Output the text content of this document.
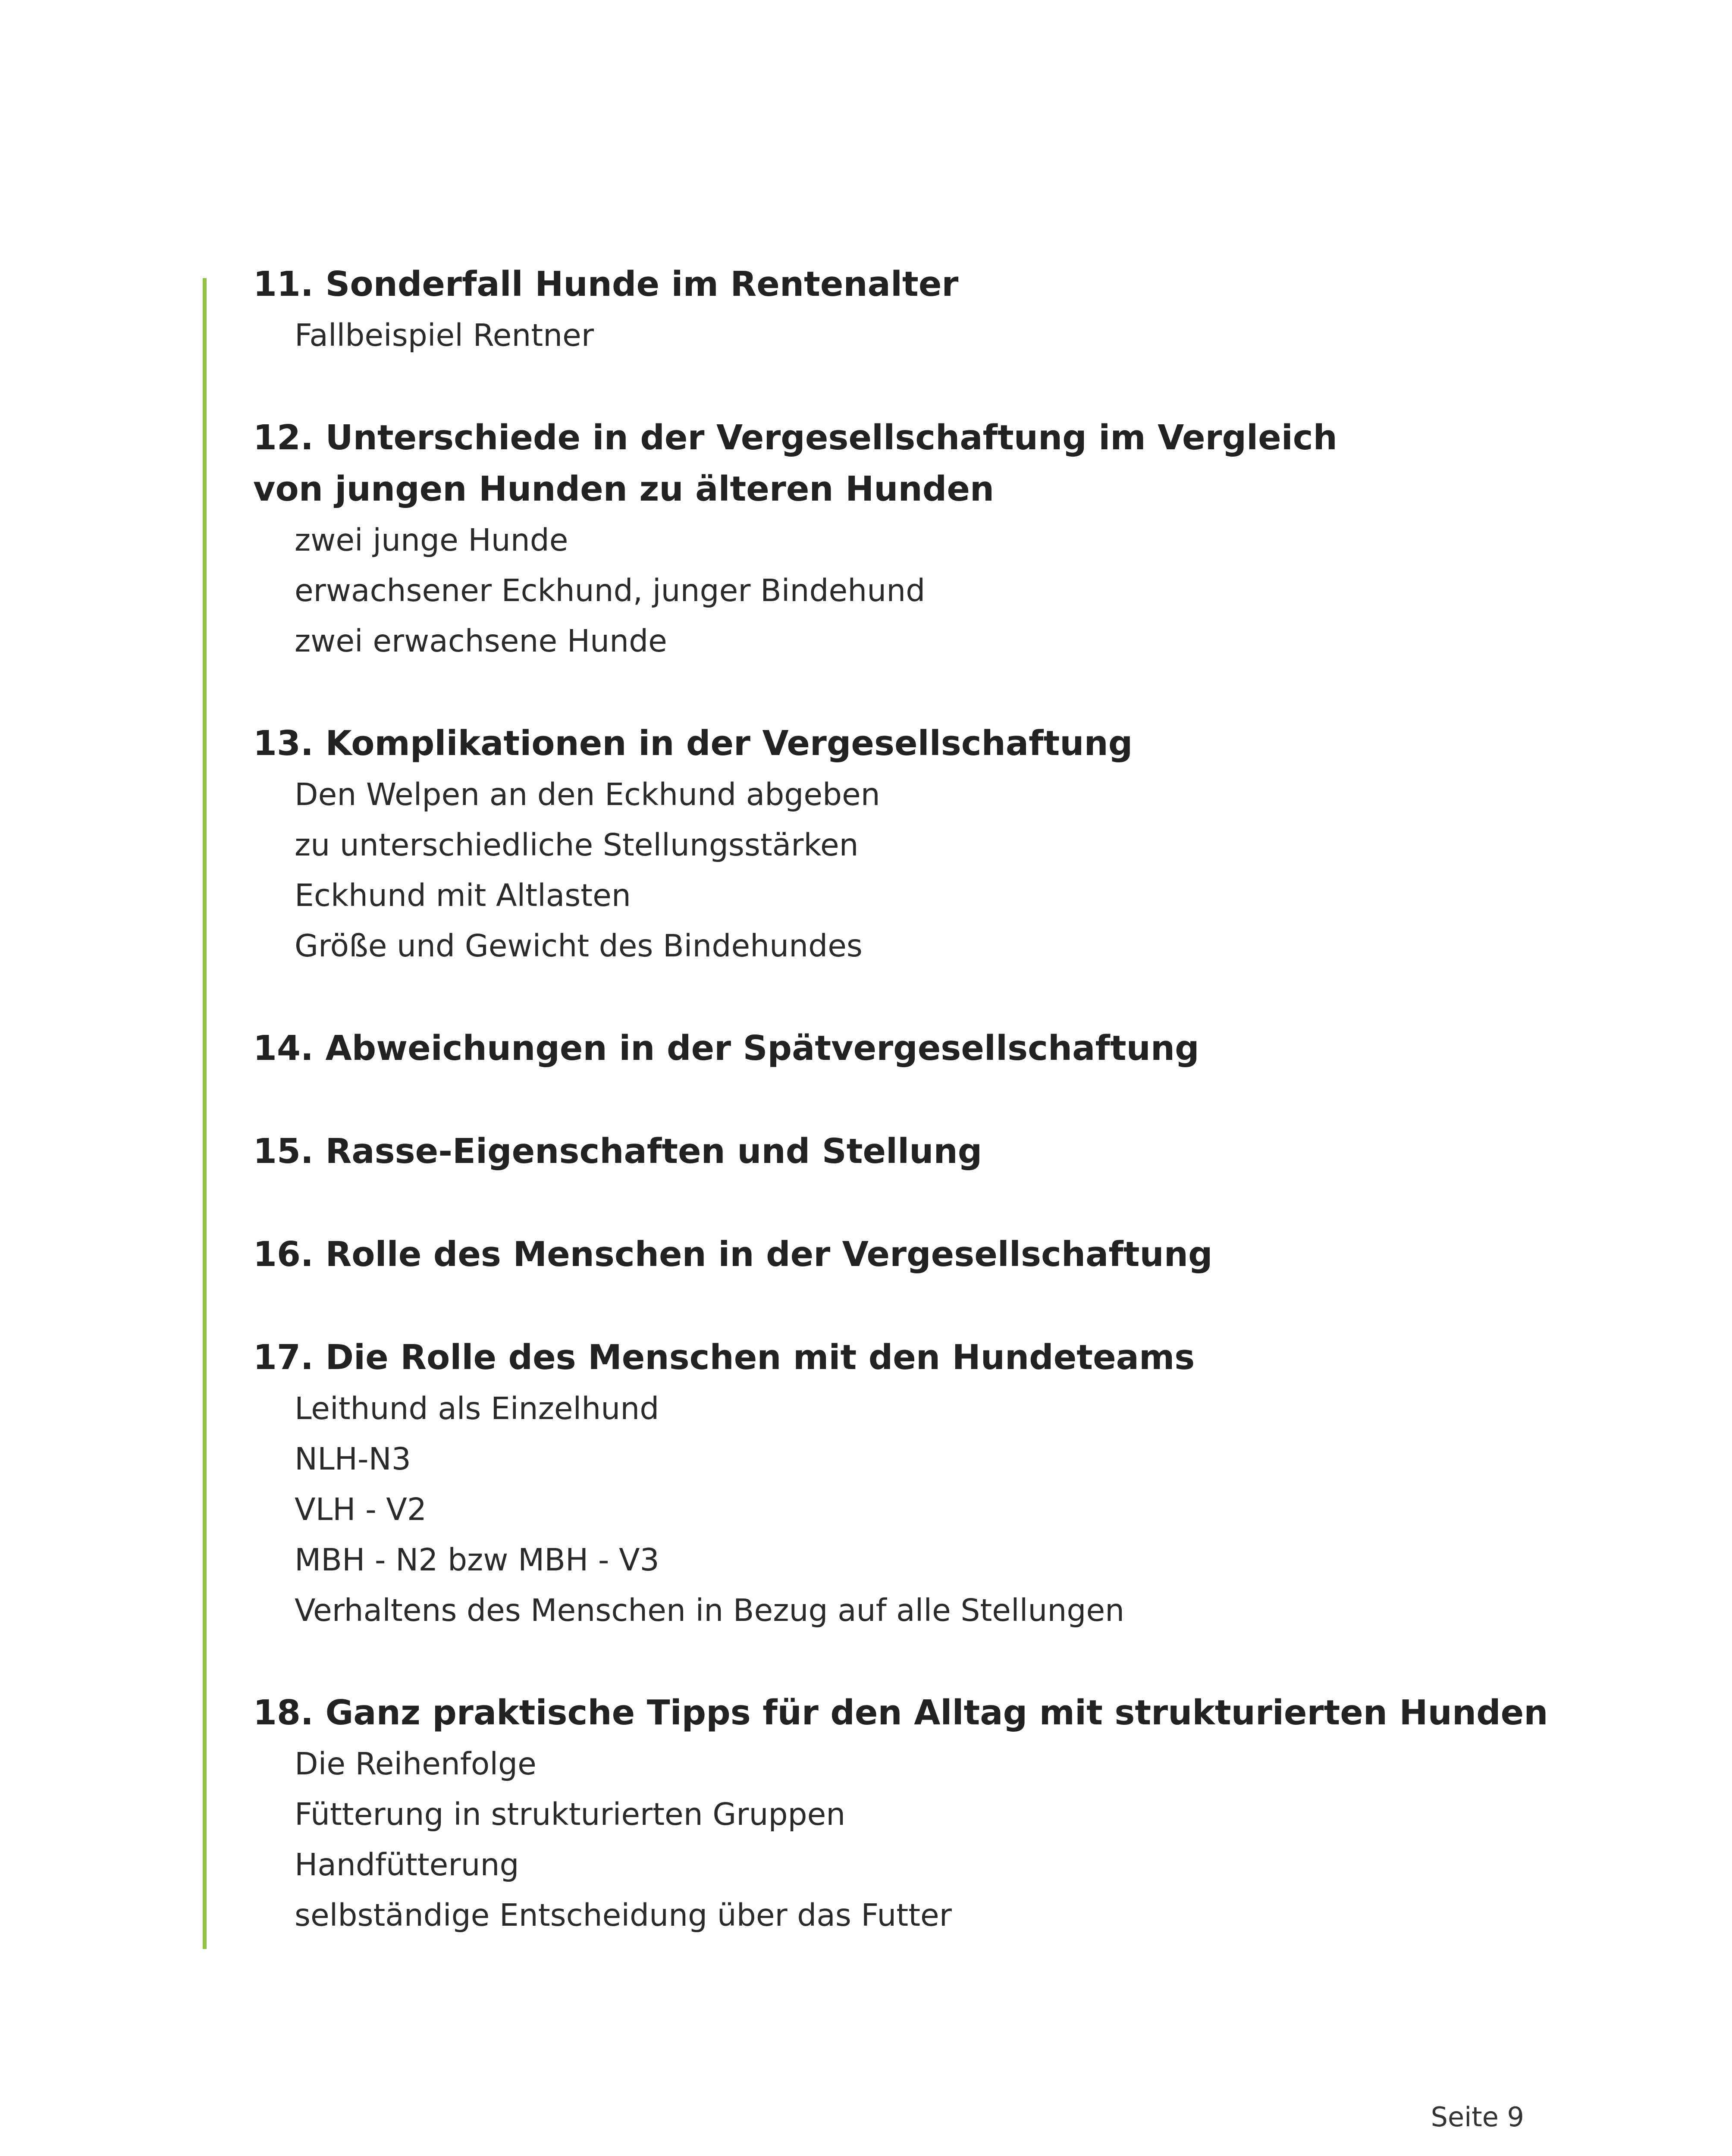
11. Sonderfall Hunde im Rentenalter

Fallbeispiel Rentner

12. Unterschiede in der Vergesellschaftung im Vergleich von jungen Hunden zu älteren Hunden

zwei junge Hunde

erwachsener Eckhund, junger Bindehund

zwei erwachsene Hunde

13. Komplikationen in der Vergesellschaftung

Den Welpen an den Eckhund abgeben

zu unterschiedliche Stellungsstärken

Eckhund mit Altlasten

Größe und Gewicht des Bindehundes

14. Abweichungen in der Spätvergesellschaftung

15. Rasse-Eigenschaften und Stellung

16. Rolle des Menschen in der Vergesellschaftung

17. Die Rolle des Menschen mit den Hundeteams

Leithund als Einzelhund

NLH-N3

VLH - V2

MBH - N2 bzw MBH - V3

Verhaltens des Menschen in Bezug auf alle Stellungen

18. Ganz praktische Tipps für den Alltag mit strukturierten Hunden

Die Reihenfolge

Fütterung in strukturierten Gruppen

Handfütterung

selbständige Entscheidung über das Futter

Seite 9
